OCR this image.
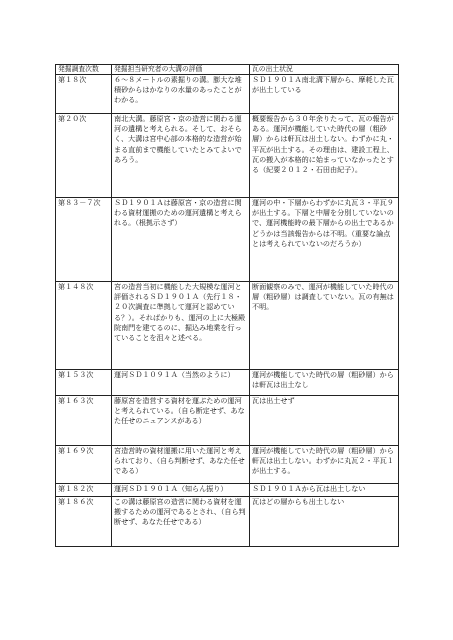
発掘調査次数	発掘担当研究者の大溝の評価	瓦の出土状況
第１８次	６～８メートルの素掘りの溝。膨大な堆積砂からはかなりの水量のあったことがわかる。	ＳＤ１９０１Ａ南北溝下層から、摩耗した瓦が出土している
第２０次	南北大溝。藤原宮・京の造営に関わる運河の遺構と考えられる。そして、おそらく、大溝は宮中心部の本格的な造営が始まる直前まで機能していたとみてよいであろう。	概要報告から３０年余りたって、瓦の報告がある。運河が機能していた時代の層（粗砂層）からは軒瓦は出土しない。わずかに丸・平瓦が出土する。その理由は、建設工程上、瓦の搬入が本格的に始まっていなかったとする（紀要２０１２・石田由紀子）。
第８３－７次	ＳＤ１９０１Ａは藤原宮・京の造営に関わる資材運搬のための運河遺構と考えられる。（根拠示さず）	運河の中・下層からわずかに丸瓦３・平瓦９が出土する。下層と中層を分別していないので、運河機能時の最下層からの出土であるかどうかは当該報告からは不明。（重要な論点とは考えられていないのだろうか）
第１４８次	宮の造営当初に機能した大規模な運河と評価されるＳＤ１９０１Ａ（先行１８・２０次調査に準拠して運河と認めている？）。そればかりも、運河の上に大極殿院南門を建てるのに、掘込み地業を行っていることを沮々と述べる。	断面観察のみで、運河が機能していた時代の層（粗砂層）は調査していない。瓦の有無は不明。
第１５３次	運河ＳＤ１０９１Ａ（当然のように）	運河が機能していた時代の層（粗砂層）からは軒瓦は出土なし
第１６３次	藤原宮を造営する資材を運ぶための運河と考えられている。（自ら断定せず、あなた任せのニュアンスがある）	瓦は出土せず
第１６９次	宮造営時の資材運搬に用いた運河と考えられており、（自ら判断せず、あなた任せである）	運河が機能していた時代の層（粗砂層）から軒瓦は出土しない。わずかに丸瓦２・平瓦１が出土する。
第１８２次	運河ＳＤ１９０１Ａ（知らん振り）	ＳＤ１９０１Ａから瓦は出土しない
第１８６次	この溝は藤原宮の造営に関わる資材を運搬するための運河であるとされ、（自ら判断せず、あなた任せである）	瓦はどの層からも出土しない
